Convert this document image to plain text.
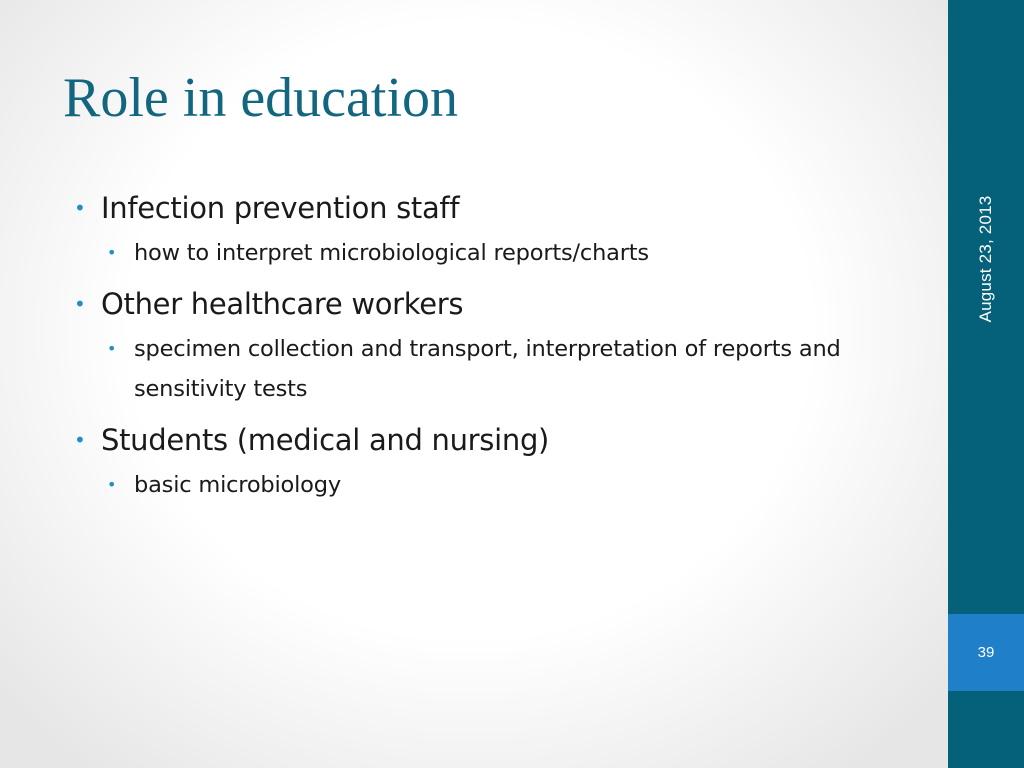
August 23, 2013
39
Role in education
• Infection prevention staff
• how to interpret microbiological reports/charts
• Other healthcare workers
• specimen collection and transport, interpretation of reports and sensitivity tests
• Students (medical and nursing)
• basic microbiology
